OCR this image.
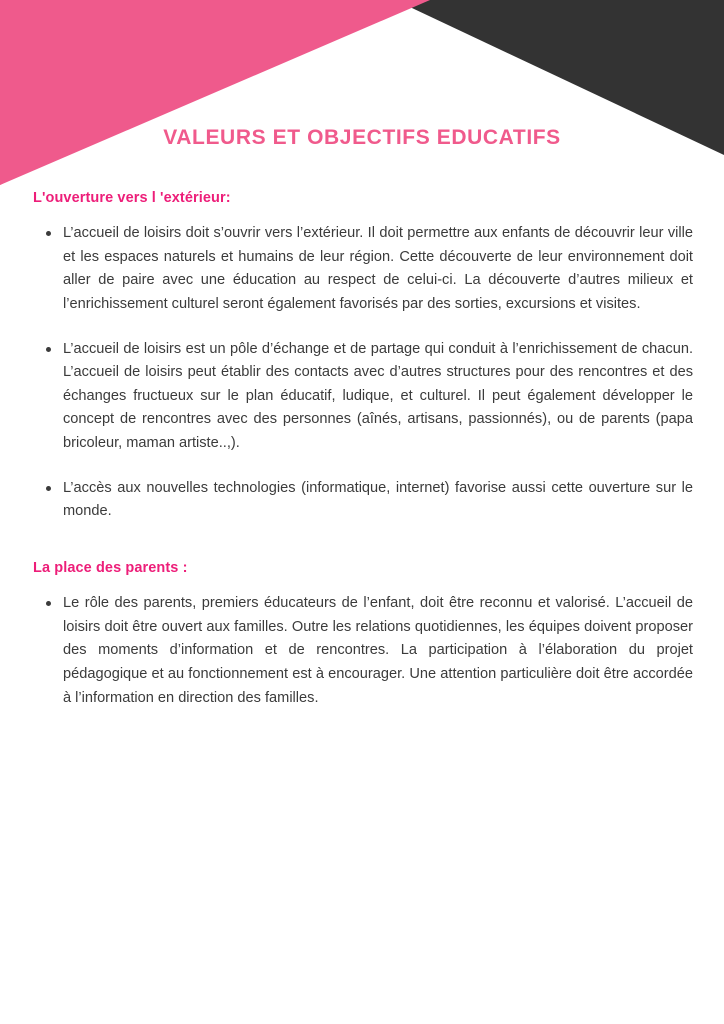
VALEURS ET OBJECTIFS EDUCATIFS
L'ouverture vers l 'extérieur:
L’accueil de loisirs doit s’ouvrir vers l’extérieur. Il doit permettre aux enfants de découvrir leur ville et les espaces naturels et humains de leur région. Cette découverte de leur environnement doit aller de paire avec une éducation au respect de celui-ci. La découverte d’autres milieux et l’enrichissement culturel seront également favorisés par des sorties, excursions et visites.
L’accueil de loisirs est un pôle d’échange et de partage qui conduit à l’enrichissement de chacun. L’accueil de loisirs peut établir des contacts avec d’autres structures pour des rencontres et des échanges fructueux sur le plan éducatif, ludique, et culturel. Il peut également développer le concept de rencontres avec des personnes (aînés, artisans, passionnés), ou de parents (papa bricoleur, maman artiste..,).
L’accès aux nouvelles technologies (informatique, internet) favorise aussi cette ouverture sur le monde.
La place des parents :
Le rôle des parents, premiers éducateurs de l’enfant, doit être reconnu et valorisé. L’accueil de loisirs doit être ouvert aux familles. Outre les relations quotidiennes, les équipes doivent proposer des moments d’information et de rencontres. La participation à l’élaboration du projet pédagogique et au fonctionnement est à encourager. Une attention particulière doit être accordée à l’information en direction des familles.
